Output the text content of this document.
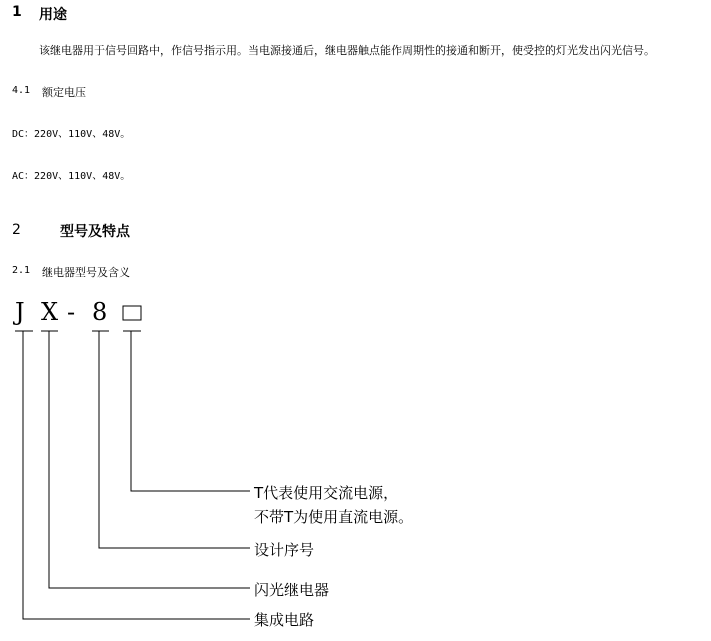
1 用途
该继电器用于信号回路中，作信号指示用。当电源接通后，继电器触点能作周期性的接通和断开，使受控的灯光发出闪光信号。
4.1 额定电压
DC：220V、110V、48V。
AC：220V、110V、48V。
2	型号及特点
2.1 继电器型号及含义
J X - 8
T代表使用交流电源，
不带T为使用直流电源。
设计序号
闪光继电器
集成电路
